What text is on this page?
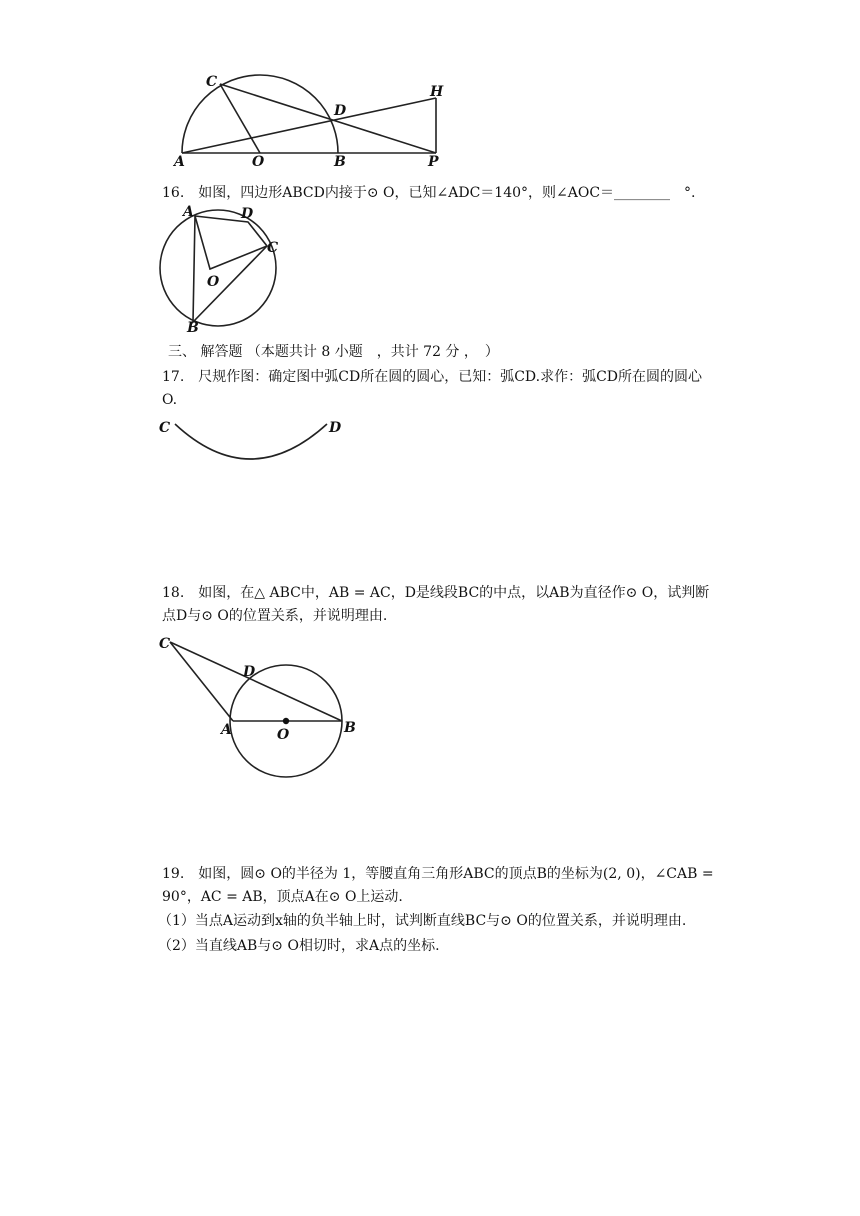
C
D
H
A	O	B	P
16.　如图，四边形ABCD内接于⊙ O，已知∠ADC＝140°，则∠AOC＝________　°.
A	D
C
O
B
三、 解答题 （本题共计 8 小题　，共计 72 分 ，　）
17.　尺规作图：确定图中弧CD所在圆的圆心，已知：弧CD.求作：弧CD所在圆的圆心
O.
C	D
18.　如图，在△ ABC中，AB = AC，D是线段BC的中点，以AB为直径作⊙ O，试判断
点D与⊙ O的位置关系，并说明理由.
C
D
A	O	B
19.　如图，圆⊙ O的半径为 1，等腰直角三角形ABC的顶点B的坐标为(2, 0)，∠CAB =
90°，AC = AB，顶点A在⊙ O上运动.
（1）当点A运动到x轴的负半轴上时，试判断直线BC与⊙ O的位置关系，并说明理由.
（2）当直线AB与⊙ O相切时，求A点的坐标.
